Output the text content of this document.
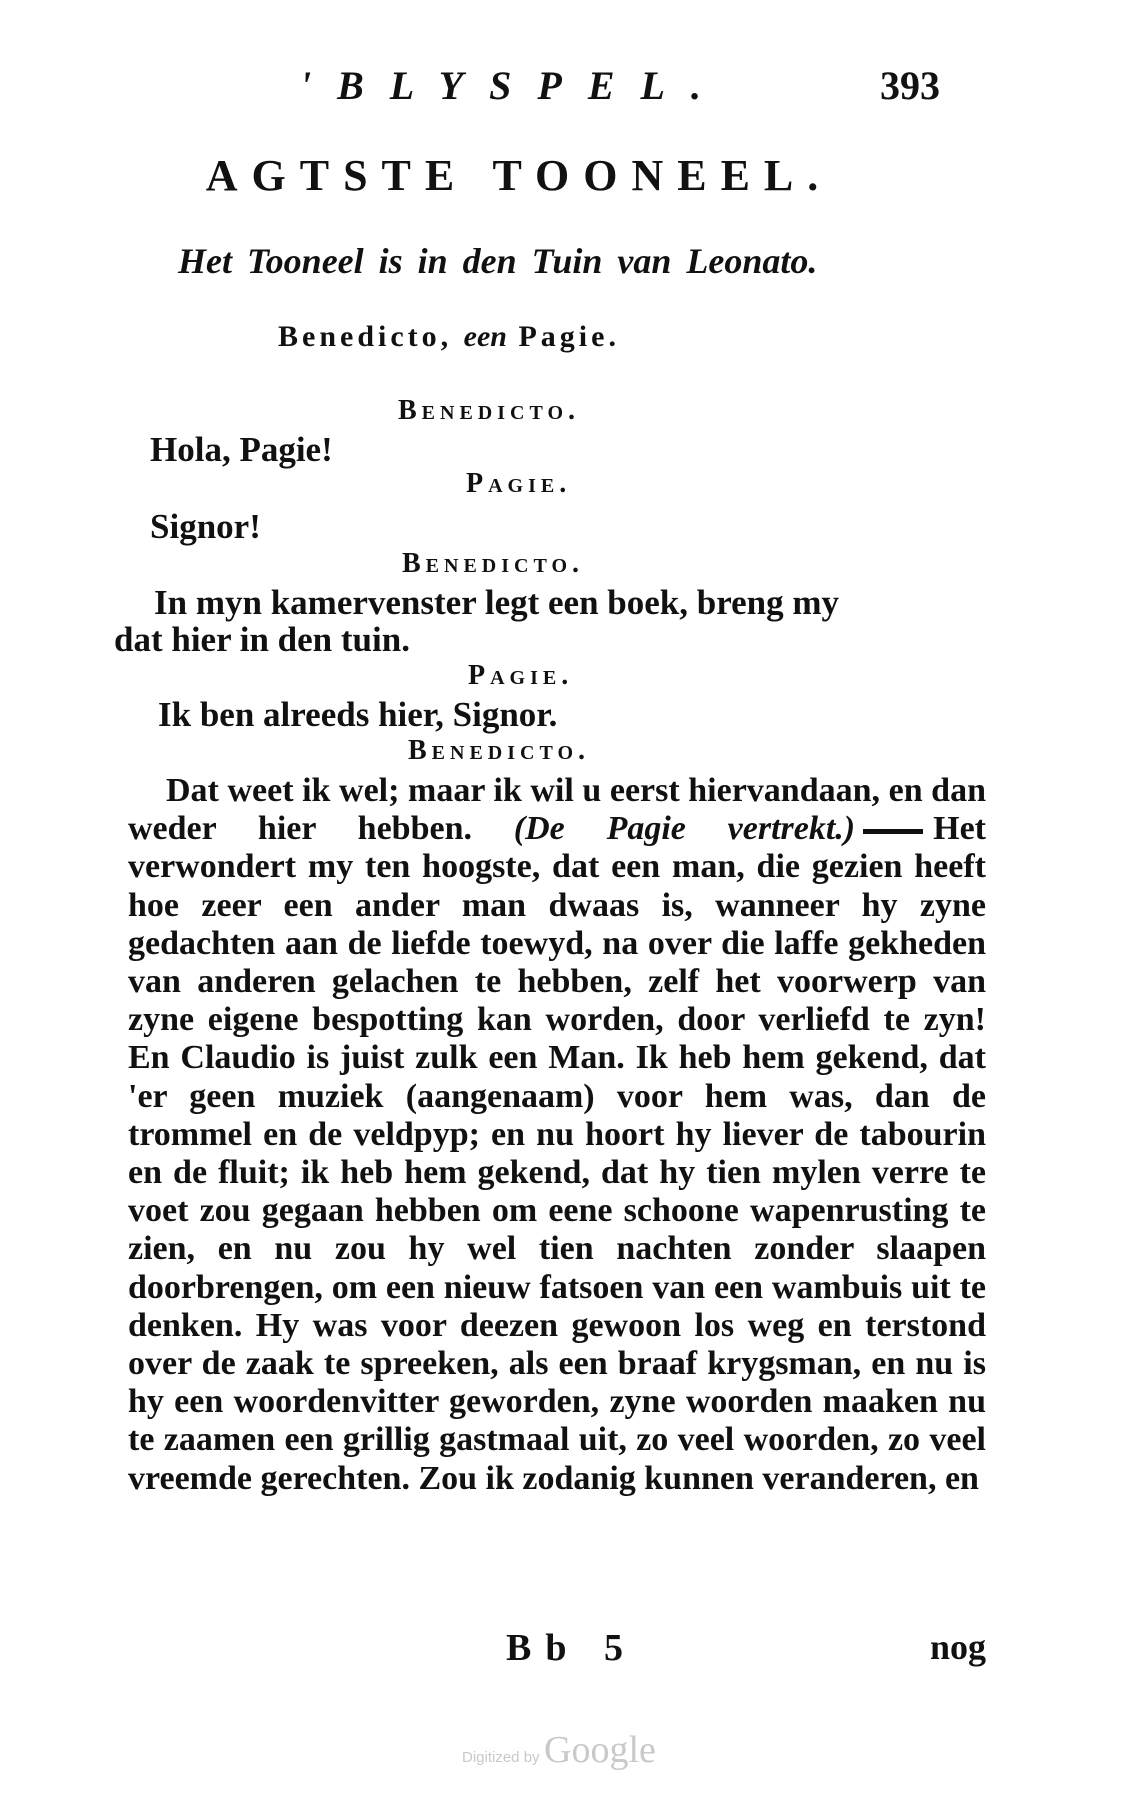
'BLYSPEL.	393
AGTSTE TOONEEL.
Het Tooneel is in den Tuin van Leonato.
Benedicto, een Pagie.
Benedicto.
Hola, Pagie!
Pagie.
Signor!
Benedicto.
In myn kamervenster legt een boek, breng my
dat hier in den tuin.
Pagie.
Ik ben alreeds hier, Signor.
Benedicto.
Dat weet ik wel; maar ik wil u eerst hiervandaan, en dan weder hier hebben. (De Pagie vertrekt.) Het verwondert my ten hoogste, dat een man, die gezien heeft hoe zeer een ander man dwaas is, wanneer hy zyne gedachten aan de liefde toewyd, na over die laffe gekheden van anderen gelachen te hebben, zelf het voorwerp van zyne eigene bespotting kan worden, door verliefd te zyn! En Claudio is juist zulk een Man. Ik heb hem gekend, dat 'er geen muziek (aangenaam) voor hem was, dan de trommel en de veldpyp; en nu hoort hy liever de tabourin en de fluit; ik heb hem gekend, dat hy tien mylen verre te voet zou gegaan hebben om eene schoone wapenrusting te zien, en nu zou hy wel tien nachten zonder slaapen doorbrengen, om een nieuw fatsoen van een wambuis uit te denken. Hy was voor deezen gewoon los weg en terstond over de zaak te spreeken, als een braaf krygsman, en nu is hy een woordenvitter geworden, zyne woorden maaken nu te zaamen een grillig gastmaal uit, zo veel woorden, zo veel vreemde gerechten. Zou ik zodanig kunnen veranderen, en
Bb 5	nog
Digitized by Google
